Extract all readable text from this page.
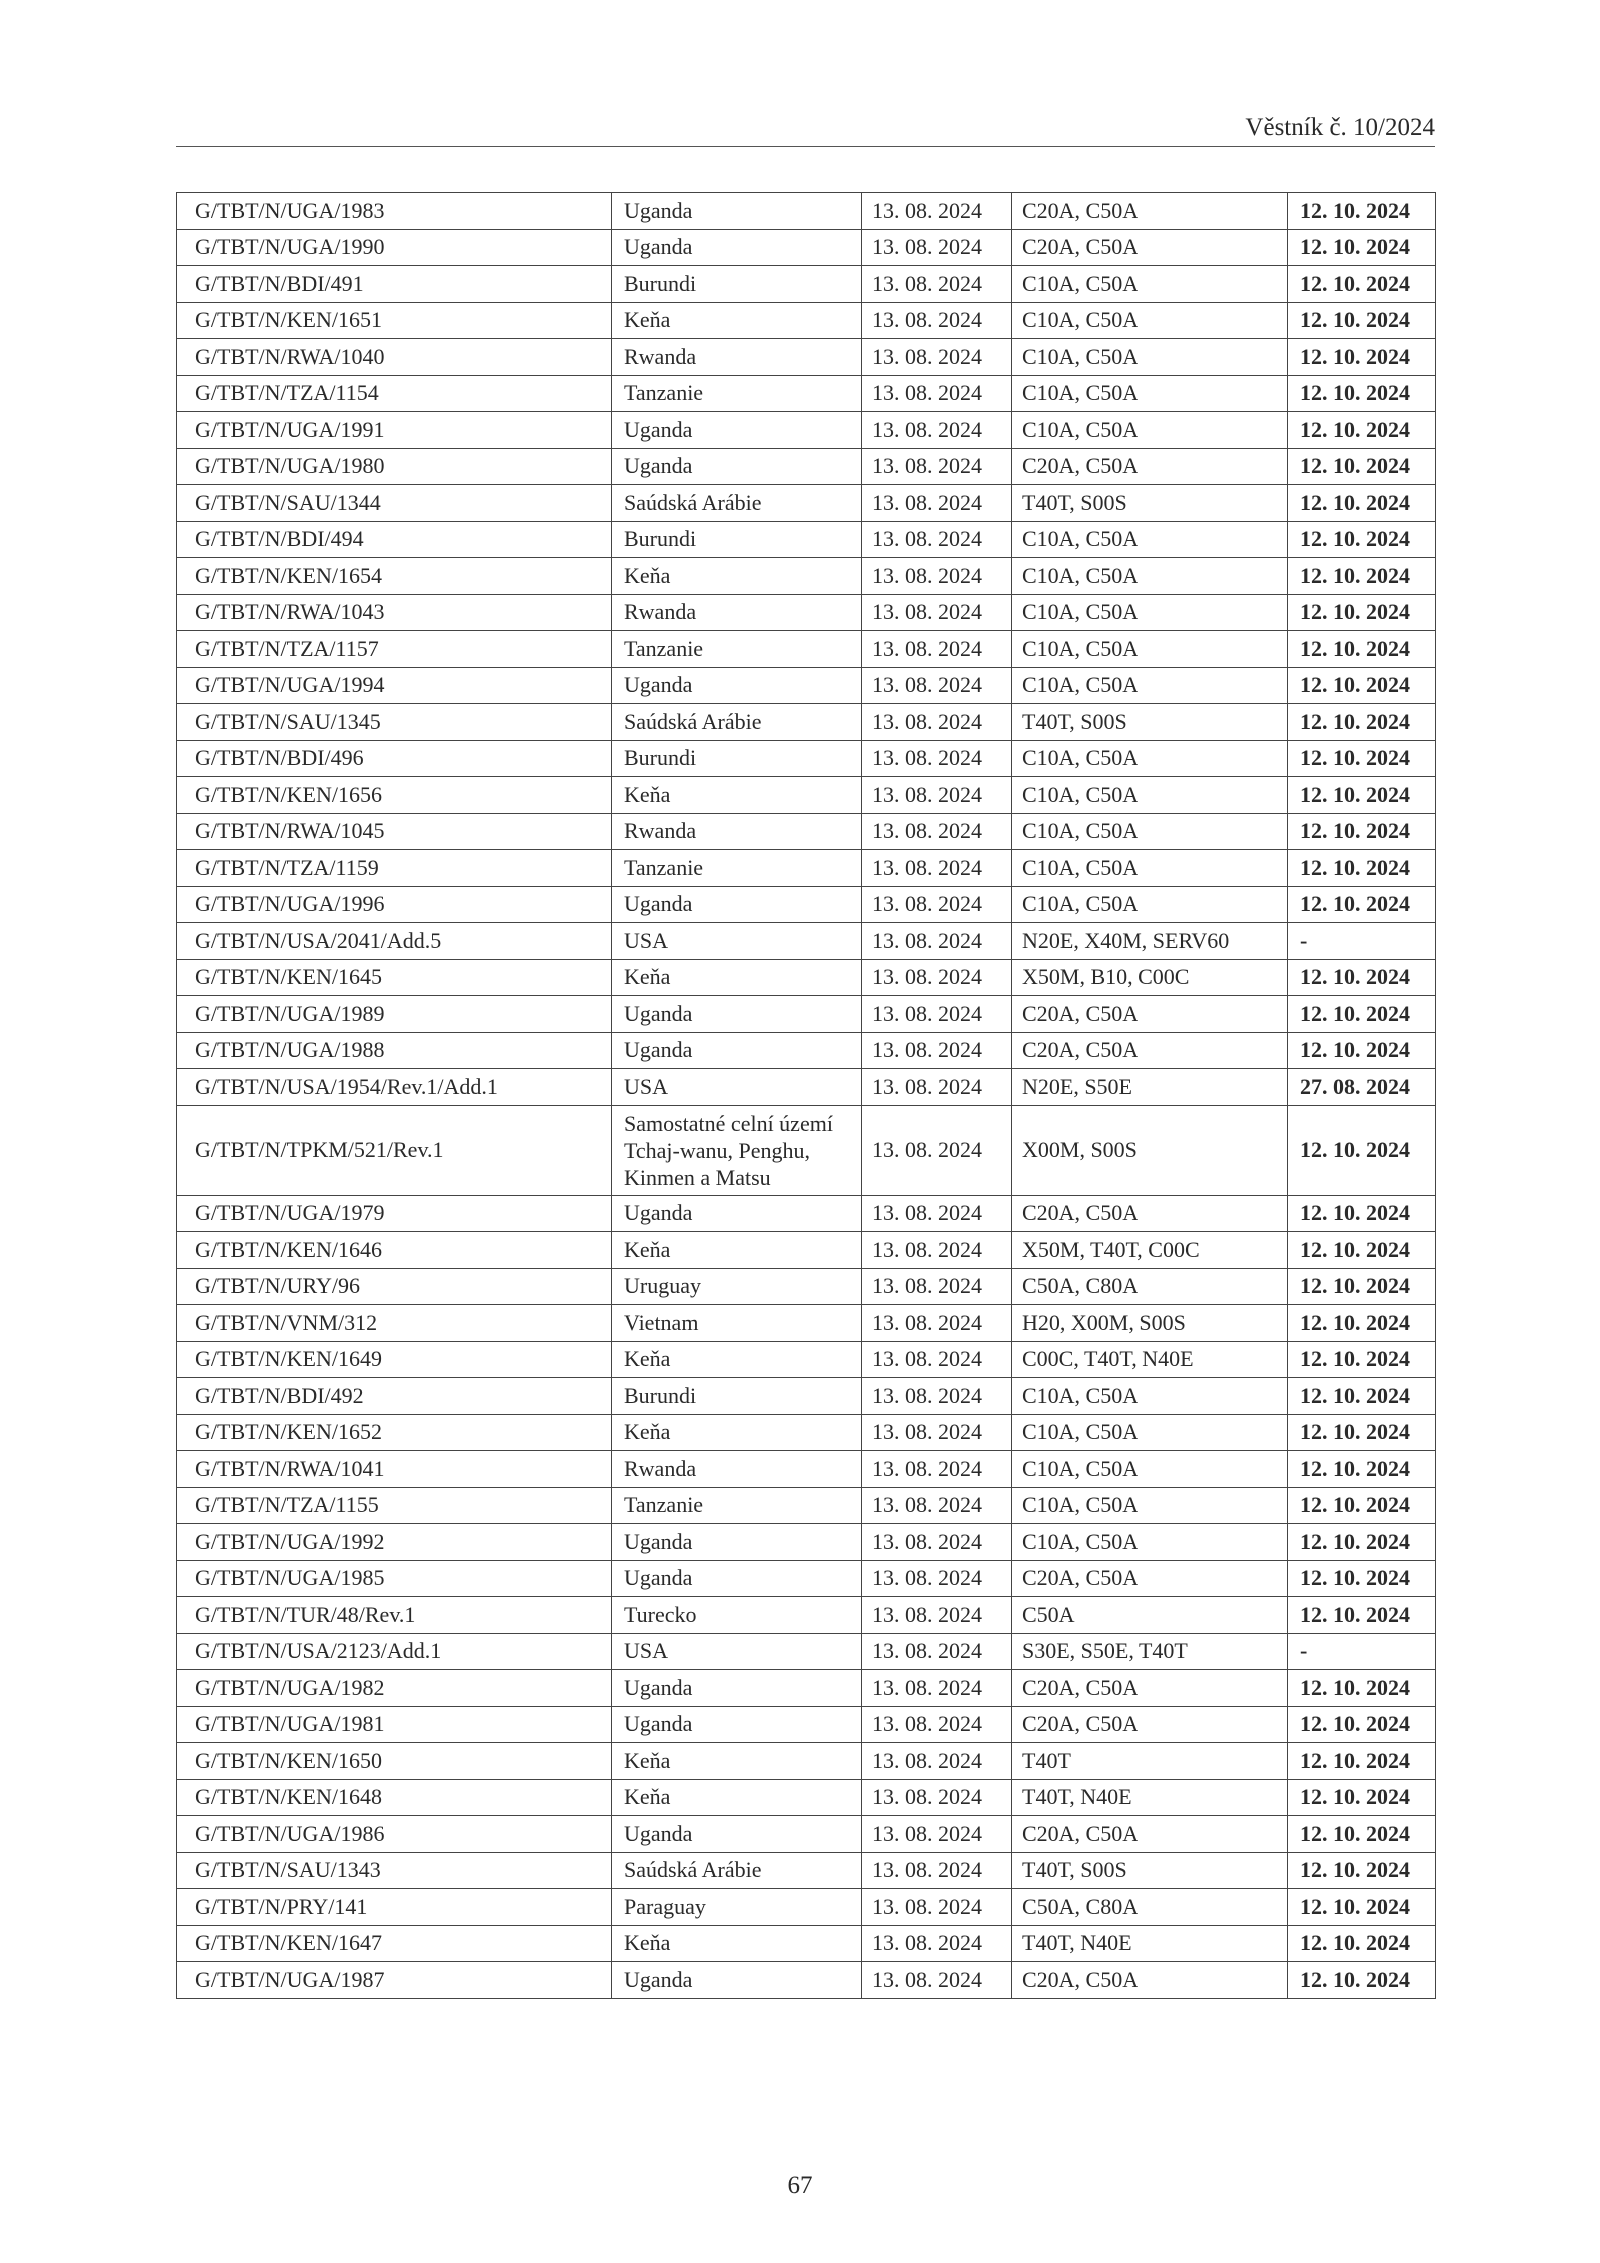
Věstník č. 10/2024
G/TBT/N/UGA/1983	Uganda	13. 08. 2024	C20A, C50A	12. 10. 2024
G/TBT/N/UGA/1990	Uganda	13. 08. 2024	C20A, C50A	12. 10. 2024
G/TBT/N/BDI/491	Burundi	13. 08. 2024	C10A, C50A	12. 10. 2024
G/TBT/N/KEN/1651	Keňa	13. 08. 2024	C10A, C50A	12. 10. 2024
G/TBT/N/RWA/1040	Rwanda	13. 08. 2024	C10A, C50A	12. 10. 2024
G/TBT/N/TZA/1154	Tanzanie	13. 08. 2024	C10A, C50A	12. 10. 2024
G/TBT/N/UGA/1991	Uganda	13. 08. 2024	C10A, C50A	12. 10. 2024
G/TBT/N/UGA/1980	Uganda	13. 08. 2024	C20A, C50A	12. 10. 2024
G/TBT/N/SAU/1344	Saúdská Arábie	13. 08. 2024	T40T, S00S	12. 10. 2024
G/TBT/N/BDI/494	Burundi	13. 08. 2024	C10A, C50A	12. 10. 2024
G/TBT/N/KEN/1654	Keňa	13. 08. 2024	C10A, C50A	12. 10. 2024
G/TBT/N/RWA/1043	Rwanda	13. 08. 2024	C10A, C50A	12. 10. 2024
G/TBT/N/TZA/1157	Tanzanie	13. 08. 2024	C10A, C50A	12. 10. 2024
G/TBT/N/UGA/1994	Uganda	13. 08. 2024	C10A, C50A	12. 10. 2024
G/TBT/N/SAU/1345	Saúdská Arábie	13. 08. 2024	T40T, S00S	12. 10. 2024
G/TBT/N/BDI/496	Burundi	13. 08. 2024	C10A, C50A	12. 10. 2024
G/TBT/N/KEN/1656	Keňa	13. 08. 2024	C10A, C50A	12. 10. 2024
G/TBT/N/RWA/1045	Rwanda	13. 08. 2024	C10A, C50A	12. 10. 2024
G/TBT/N/TZA/1159	Tanzanie	13. 08. 2024	C10A, C50A	12. 10. 2024
G/TBT/N/UGA/1996	Uganda	13. 08. 2024	C10A, C50A	12. 10. 2024
G/TBT/N/USA/2041/Add.5	USA	13. 08. 2024	N20E, X40M, SERV60	-
G/TBT/N/KEN/1645	Keňa	13. 08. 2024	X50M, B10, C00C	12. 10. 2024
G/TBT/N/UGA/1989	Uganda	13. 08. 2024	C20A, C50A	12. 10. 2024
G/TBT/N/UGA/1988	Uganda	13. 08. 2024	C20A, C50A	12. 10. 2024
G/TBT/N/USA/1954/Rev.1/Add.1	USA	13. 08. 2024	N20E, S50E	27. 08. 2024
G/TBT/N/TPKM/521/Rev.1	Samostatné celní území Tchaj-wanu, Penghu, Kinmen a Matsu	13. 08. 2024	X00M, S00S	12. 10. 2024
G/TBT/N/UGA/1979	Uganda	13. 08. 2024	C20A, C50A	12. 10. 2024
G/TBT/N/KEN/1646	Keňa	13. 08. 2024	X50M, T40T, C00C	12. 10. 2024
G/TBT/N/URY/96	Uruguay	13. 08. 2024	C50A, C80A	12. 10. 2024
G/TBT/N/VNM/312	Vietnam	13. 08. 2024	H20, X00M, S00S	12. 10. 2024
G/TBT/N/KEN/1649	Keňa	13. 08. 2024	C00C, T40T, N40E	12. 10. 2024
G/TBT/N/BDI/492	Burundi	13. 08. 2024	C10A, C50A	12. 10. 2024
G/TBT/N/KEN/1652	Keňa	13. 08. 2024	C10A, C50A	12. 10. 2024
G/TBT/N/RWA/1041	Rwanda	13. 08. 2024	C10A, C50A	12. 10. 2024
G/TBT/N/TZA/1155	Tanzanie	13. 08. 2024	C10A, C50A	12. 10. 2024
G/TBT/N/UGA/1992	Uganda	13. 08. 2024	C10A, C50A	12. 10. 2024
G/TBT/N/UGA/1985	Uganda	13. 08. 2024	C20A, C50A	12. 10. 2024
G/TBT/N/TUR/48/Rev.1	Turecko	13. 08. 2024	C50A	12. 10. 2024
G/TBT/N/USA/2123/Add.1	USA	13. 08. 2024	S30E, S50E, T40T	-
G/TBT/N/UGA/1982	Uganda	13. 08. 2024	C20A, C50A	12. 10. 2024
G/TBT/N/UGA/1981	Uganda	13. 08. 2024	C20A, C50A	12. 10. 2024
G/TBT/N/KEN/1650	Keňa	13. 08. 2024	T40T	12. 10. 2024
G/TBT/N/KEN/1648	Keňa	13. 08. 2024	T40T, N40E	12. 10. 2024
G/TBT/N/UGA/1986	Uganda	13. 08. 2024	C20A, C50A	12. 10. 2024
G/TBT/N/SAU/1343	Saúdská Arábie	13. 08. 2024	T40T, S00S	12. 10. 2024
G/TBT/N/PRY/141	Paraguay	13. 08. 2024	C50A, C80A	12. 10. 2024
G/TBT/N/KEN/1647	Keňa	13. 08. 2024	T40T, N40E	12. 10. 2024
G/TBT/N/UGA/1987	Uganda	13. 08. 2024	C20A, C50A	12. 10. 2024
67
